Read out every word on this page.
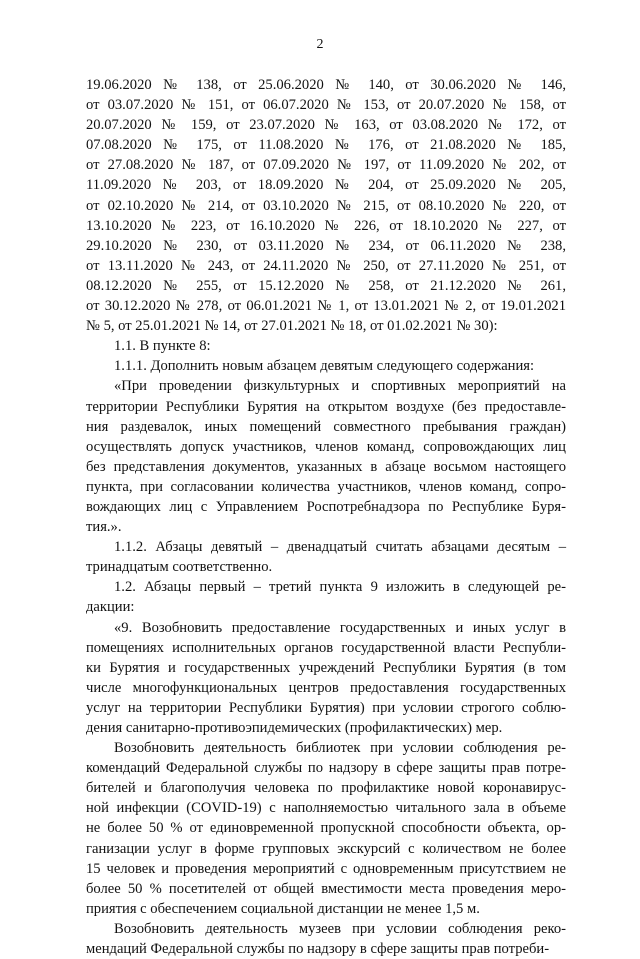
2
19.06.2020 № 138, от 25.06.2020 № 140, от 30.06.2020 № 146,
от 03.07.2020 № 151, от 06.07.2020 № 153, от 20.07.2020 № 158, от
20.07.2020 № 159, от 23.07.2020 № 163, от 03.08.2020 № 172, от
07.08.2020 № 175, от 11.08.2020 № 176, от 21.08.2020 № 185,
от 27.08.2020 № 187, от 07.09.2020 № 197, от 11.09.2020 № 202, от
11.09.2020 № 203, от 18.09.2020 № 204, от 25.09.2020 № 205,
от 02.10.2020 № 214, от 03.10.2020 № 215, от 08.10.2020 № 220, от
13.10.2020 № 223, от 16.10.2020 № 226, от 18.10.2020 № 227, от
29.10.2020 № 230, от 03.11.2020 № 234, от 06.11.2020 № 238,
от 13.11.2020 № 243, от 24.11.2020 № 250, от 27.11.2020 № 251, от
08.12.2020 № 255, от 15.12.2020 № 258, от 21.12.2020 № 261,
от 30.12.2020 № 278, от 06.01.2021 № 1, от 13.01.2021 № 2, от 19.01.2021
№ 5, от 25.01.2021 № 14, от 27.01.2021 № 18, от 01.02.2021 № 30):
1.1. В пункте 8:
1.1.1. Дополнить новым абзацем девятым следующего содержания:
«При проведении физкультурных и спортивных мероприятий на
территории Республики Бурятия на открытом воздухе (без предоставле-
ния раздевалок, иных помещений совместного пребывания граждан)
осуществлять допуск участников, членов команд, сопровождающих лиц
без представления документов, указанных в абзаце восьмом настоящего
пункта, при согласовании количества участников, членов команд, сопро-
вождающих лиц с Управлением Роспотребнадзора по Республике Буря-
тия.».
1.1.2. Абзацы девятый – двенадцатый считать абзацами десятым –
тринадцатым соответственно.
1.2. Абзацы первый – третий пункта 9 изложить в следующей ре-
дакции:
«9. Возобновить предоставление государственных и иных услуг в
помещениях исполнительных органов государственной власти Республи-
ки Бурятия и государственных учреждений Республики Бурятия (в том
числе многофункциональных центров предоставления государственных
услуг на территории Республики Бурятия) при условии строгого соблю-
дения санитарно-противоэпидемических (профилактических) мер.
Возобновить деятельность библиотек при условии соблюдения ре-
комендаций Федеральной службы по надзору в сфере защиты прав потре-
бителей и благополучия человека по профилактике новой коронавирус-
ной инфекции (COVID-19) с наполняемостью читального зала в объеме
не более 50 % от единовременной пропускной способности объекта, ор-
ганизации услуг в форме групповых экскурсий с количеством не более
15 человек и проведения мероприятий с одновременным присутствием не
более 50 % посетителей от общей вместимости места проведения меро-
приятия с обеспечением социальной дистанции не менее 1,5 м.
Возобновить деятельность музеев при условии соблюдения реко-
мендаций Федеральной службы по надзору в сфере защиты прав потреби-
